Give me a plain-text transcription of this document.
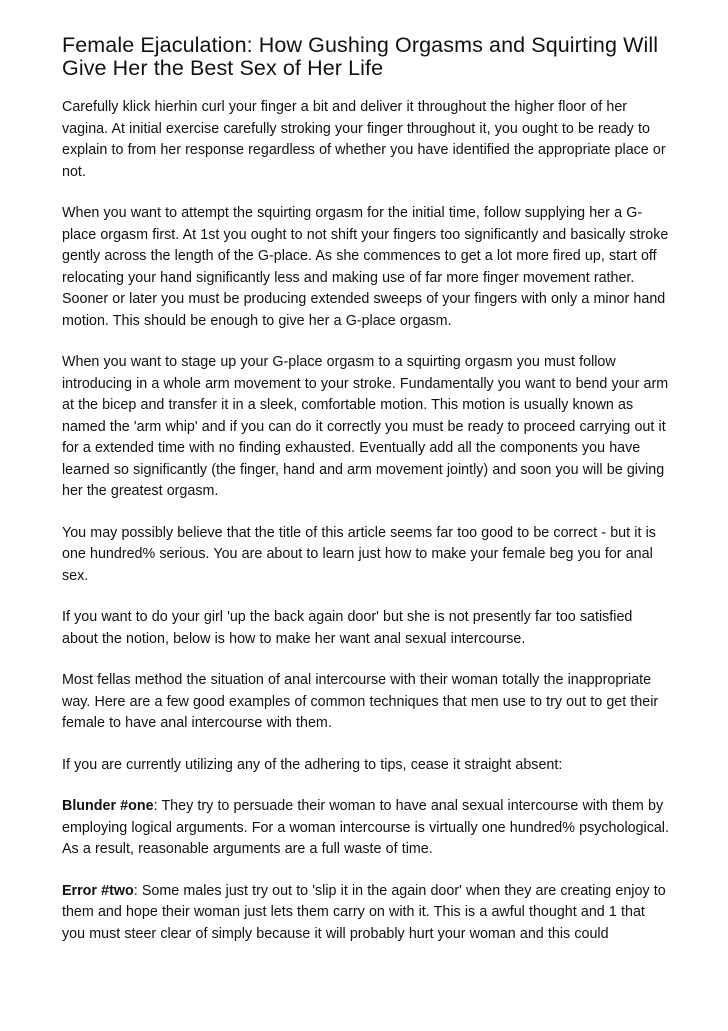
Female Ejaculation: How Gushing Orgasms and Squirting Will Give Her the Best Sex of Her Life

Carefully klick hierhin curl your finger a bit and deliver it throughout the higher floor of her vagina. At initial exercise carefully stroking your finger throughout it, you ought to be ready to explain to from her response regardless of whether you have identified the appropriate place or not.

When you want to attempt the squirting orgasm for the initial time, follow supplying her a G-place orgasm first. At 1st you ought to not shift your fingers too significantly and basically stroke gently across the length of the G-place. As she commences to get a lot more fired up, start off relocating your hand significantly less and making use of far more finger movement rather. Sooner or later you must be producing extended sweeps of your fingers with only a minor hand motion. This should be enough to give her a G-place orgasm.

When you want to stage up your G-place orgasm to a squirting orgasm you must follow introducing in a whole arm movement to your stroke. Fundamentally you want to bend your arm at the bicep and transfer it in a sleek, comfortable motion. This motion is usually known as named the 'arm whip' and if you can do it correctly you must be ready to proceed carrying out it for a extended time with no finding exhausted. Eventually add all the components you have learned so significantly (the finger, hand and arm movement jointly) and soon you will be giving her the greatest orgasm.

You may possibly believe that the title of this article seems far too good to be correct - but it is one hundred% serious. You are about to learn just how to make your female beg you for anal sex.

If you want to do your girl 'up the back again door' but she is not presently far too satisfied about the notion, below is how to make her want anal sexual intercourse.

Most fellas method the situation of anal intercourse with their woman totally the inappropriate way. Here are a few good examples of common techniques that men use to try out to get their female to have anal intercourse with them.

If you are currently utilizing any of the adhering to tips, cease it straight absent:

Blunder #one: They try to persuade their woman to have anal sexual intercourse with them by employing logical arguments. For a woman intercourse is virtually one hundred% psychological. As a result, reasonable arguments are a full waste of time.

Error #two: Some males just try out to 'slip it in the again door' when they are creating enjoy to them and hope their woman just lets them carry on with it. This is a awful thought and 1 that you must steer clear of simply because it will probably hurt your woman and this could
